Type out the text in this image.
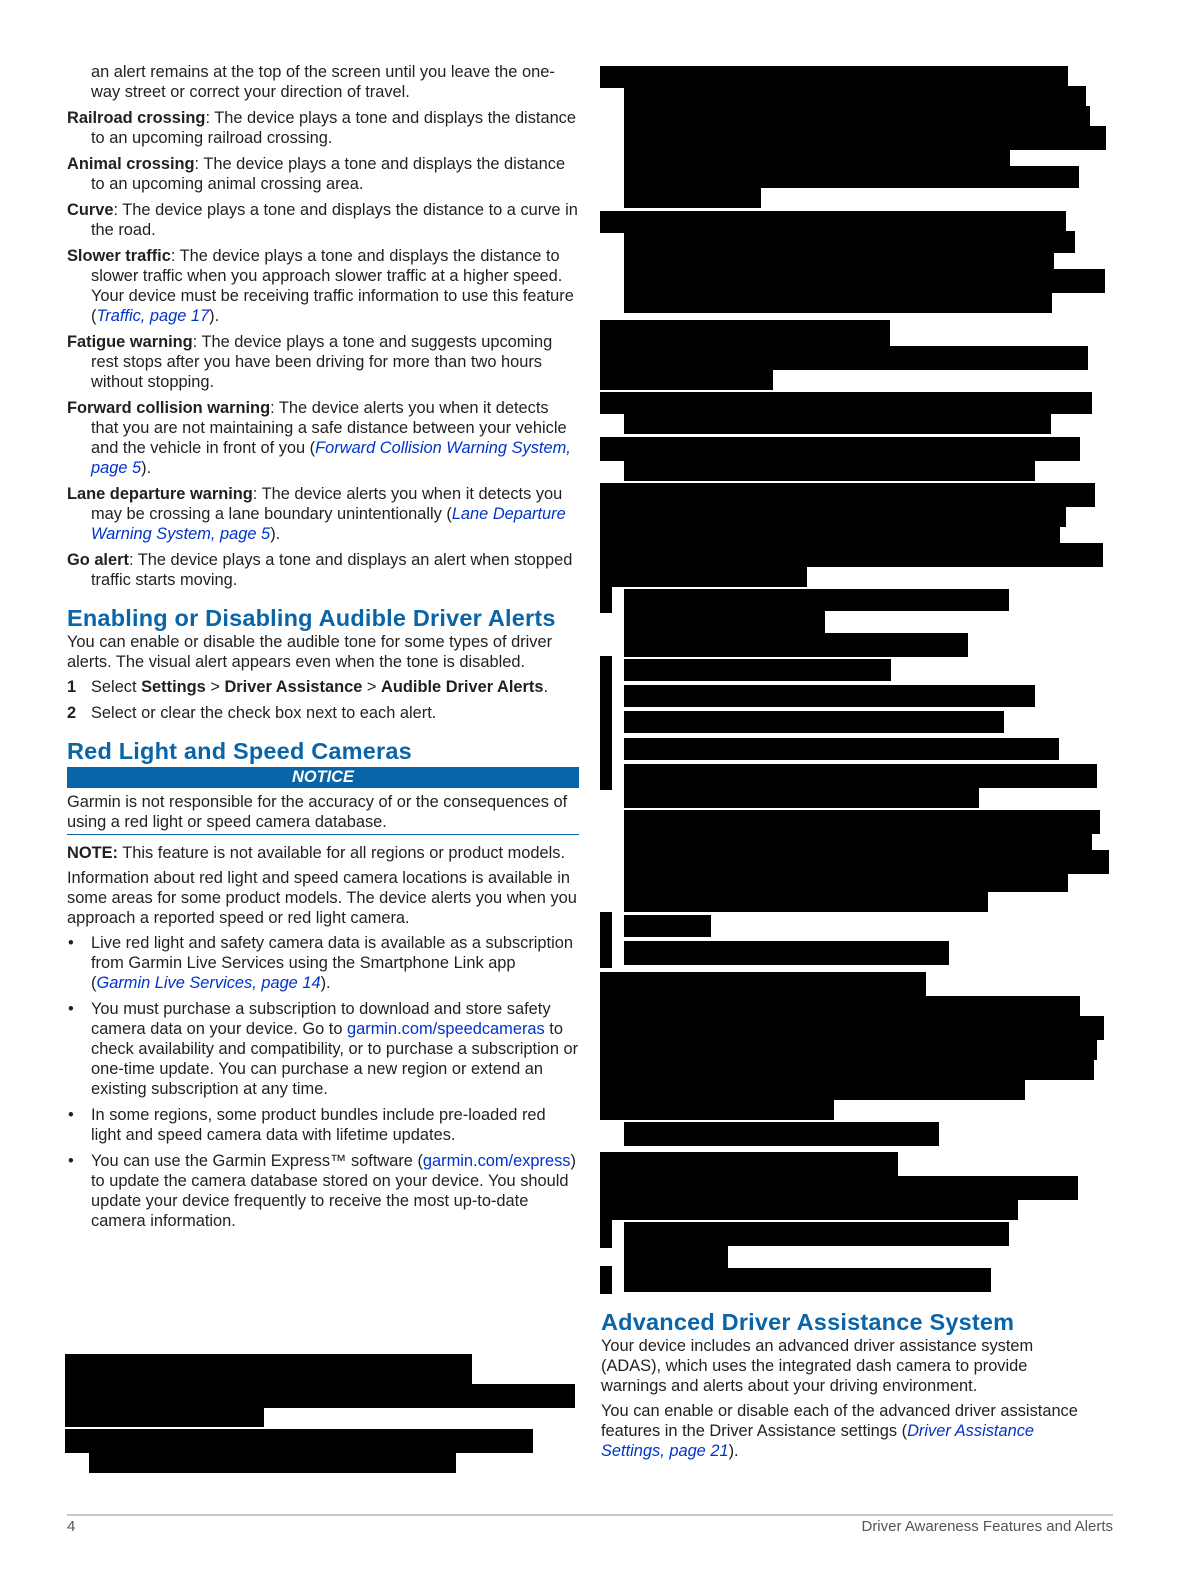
an alert remains at the top of the screen until you leave the one-way street or correct your direction of travel.

Railroad crossing: The device plays a tone and displays the distance to an upcoming railroad crossing.

Animal crossing: The device plays a tone and displays the distance to an upcoming animal crossing area.

Curve: The device plays a tone and displays the distance to a curve in the road.

Slower traffic: The device plays a tone and displays the distance to slower traffic when you approach slower traffic at a higher speed. Your device must be receiving traffic information to use this feature (Traffic, page 17).

Fatigue warning: The device plays a tone and suggests upcoming rest stops after you have been driving for more than two hours without stopping.

Forward collision warning: The device alerts you when it detects that you are not maintaining a safe distance between your vehicle and the vehicle in front of you (Forward Collision Warning System, page 5).

Lane departure warning: The device alerts you when it detects you may be crossing a lane boundary unintentionally (Lane Departure Warning System, page 5).

Go alert: The device plays a tone and displays an alert when stopped traffic starts moving.

Enabling or Disabling Audible Driver Alerts

You can enable or disable the audible tone for some types of driver alerts. The visual alert appears even when the tone is disabled.

1 Select Settings > Driver Assistance > Audible Driver Alerts.
2 Select or clear the check box next to each alert.
Red Light and Speed Cameras
NOTICE
Garmin is not responsible for the accuracy of or the consequences of using a red light or speed camera database.

NOTE: This feature is not available for all regions or product models.

Information about red light and speed camera locations is available in some areas for some product models. The device alerts you when you approach a reported speed or red light camera.

• Live red light and safety camera data is available as a subscription from Garmin Live Services using the Smartphone Link app (Garmin Live Services, page 14).
• You must purchase a subscription to download and store safety camera data on your device. Go to garmin.com/speedcameras to check availability and compatibility, or to purchase a subscription or one-time update. You can purchase a new region or extend an existing subscription at any time.
• In some regions, some product bundles include pre-loaded red light and speed camera data with lifetime updates.
• You can use the Garmin Express™ software (garmin.com/express) to update the camera database stored on your device. You should update your device frequently to receive the most up-to-date camera information.
Advanced Driver Assistance System

Your device includes an advanced driver assistance system (ADAS), which uses the integrated dash camera to provide warnings and alerts about your driving environment.

You can enable or disable each of the advanced driver assistance features in the Driver Assistance settings (Driver Assistance Settings, page 21).

4	Driver Awareness Features and Alerts
